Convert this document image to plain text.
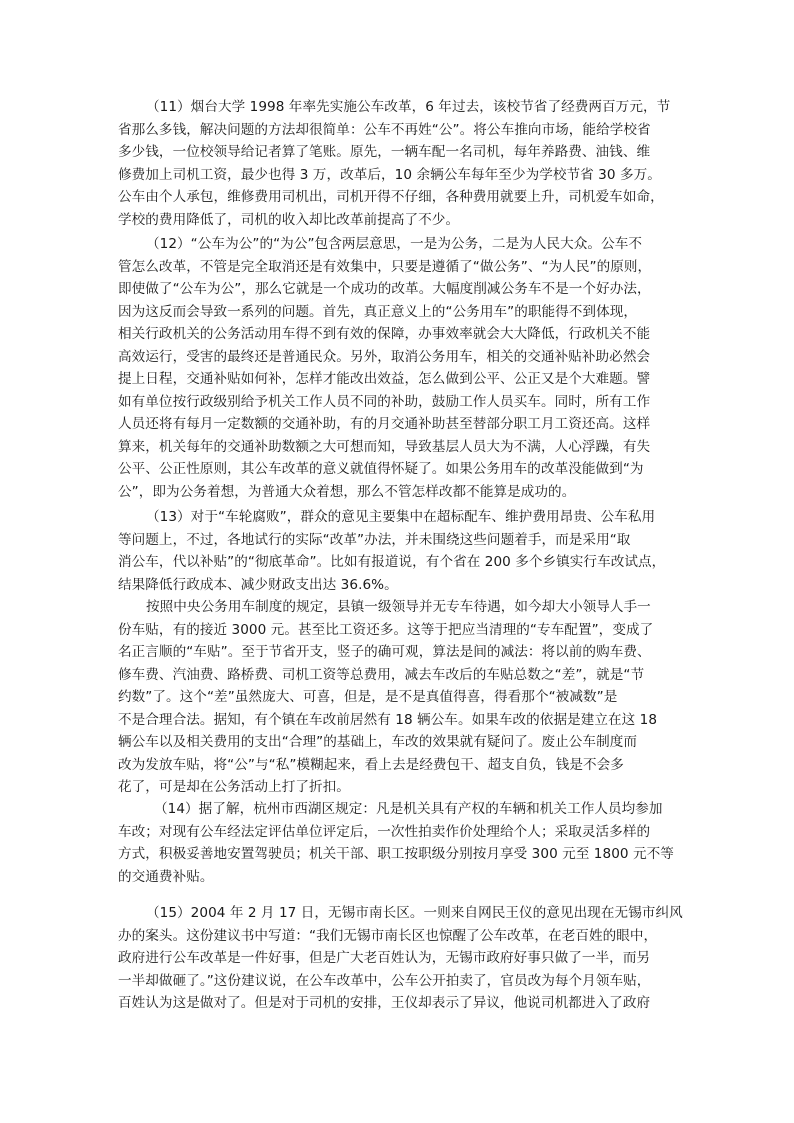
（11）烟台大学 1998 年率先实施公车改革，6 年过去，该校节省了经费两百万元，节
省那么多钱，解决问题的方法却很简单：公车不再姓“公”。将公车推向市场，能给学校省
多少钱，一位校领导给记者算了笔账。原先，一辆车配一名司机，每年养路费、油钱、维
修费加上司机工资，最少也得 3 万，改革后，10 余辆公车每年至少为学校节省 30 多万。
公车由个人承包，维修费用司机出，司机开得不仔细，各种费用就要上升，司机爱车如命，
学校的费用降低了，司机的收入却比改革前提高了不少。
（12）“公车为公”的“为公”包含两层意思，一是为公务，二是为人民大众。公车不
管怎么改革，不管是完全取消还是有效集中，只要是遵循了“做公务”、“为人民”的原则，
即使做了“公车为公”，那么它就是一个成功的改革。大幅度削减公务车不是一个好办法，
因为这反而会导致一系列的问题。首先，真正意义上的“公务用车”的职能得不到体现，
相关行政机关的公务活动用车得不到有效的保障，办事效率就会大大降低，行政机关不能
高效运行，受害的最终还是普通民众。另外，取消公务用车，相关的交通补贴补助必然会
提上日程，交通补贴如何补，怎样才能改出效益，怎么做到公平、公正又是个大难题。譬
如有单位按行政级别给予机关工作人员不同的补助，鼓励工作人员买车。同时，所有工作
人员还将有每月一定数额的交通补助，有的月交通补助甚至替部分职工月工资还高。这样
算来，机关每年的交通补助数额之大可想而知，导致基层人员大为不满，人心浮躁，有失
公平、公正性原则，其公车改革的意义就值得怀疑了。如果公务用车的改革没能做到“为
公”，即为公务着想，为普通大众着想，那么不管怎样改都不能算是成功的。
（13）对于“车轮腐败”，群众的意见主要集中在超标配车、维护费用昂贵、公车私用
等问题上，不过，各地试行的实际“改革”办法，并未围绕这些问题着手，而是采用“取
消公车，代以补贴”的“彻底革命”。比如有报道说，有个省在 200 多个乡镇实行车改试点，
结果降低行政成本、减少财政支出达 36.6%。
按照中央公务用车制度的规定，县镇一级领导并无专车待遇，如今却大小领导人手一
份车贴，有的接近 3000 元。甚至比工资还多。这等于把应当清理的“专车配置”，变成了
名正言顺的“车贴”。至于节省开支，竖子的确可观，算法是间的减法：将以前的购车费、
修车费、汽油费、路桥费、司机工资等总费用，减去车改后的车贴总数之“差”，就是“节
约数”了。这个“差”虽然庞大、可喜，但是，是不是真值得喜，得看那个“被减数”是
不是合理合法。据知，有个镇在车改前居然有 18 辆公车。如果车改的依据是建立在这 18
辆公车以及相关费用的支出“合理”的基础上，车改的效果就有疑问了。废止公车制度而
改为发放车贴，将“公”与“私”模糊起来，看上去是经费包干、超支自负，钱是不会多
花了，可是却在公务活动上打了折扣。
（14）据了解，杭州市西湖区规定：凡是机关具有产权的车辆和机关工作人员均参加
车改；对现有公车经法定评估单位评定后，一次性拍卖作价处理给个人；采取灵活多样的
方式，积极妥善地安置驾驶员；机关干部、职工按职级分别按月享受 300 元至 1800 元不等
的交通费补贴。
（15）2004 年 2 月 17 日，无锡市南长区。一则来自网民王仪的意见出现在无锡市纠风
办的案头。这份建议书中写道：“我们无锡市南长区也惊醒了公车改革，在老百姓的眼中，
政府进行公车改革是一件好事，但是广大老百姓认为，无锡市政府好事只做了一半，而另
一半却做砸了。”这份建议说，在公车改革中，公车公开拍卖了，官员改为每个月领车贴，
百姓认为这是做对了。但是对于司机的安排，王仪却表示了异议，他说司机都进入了政府
